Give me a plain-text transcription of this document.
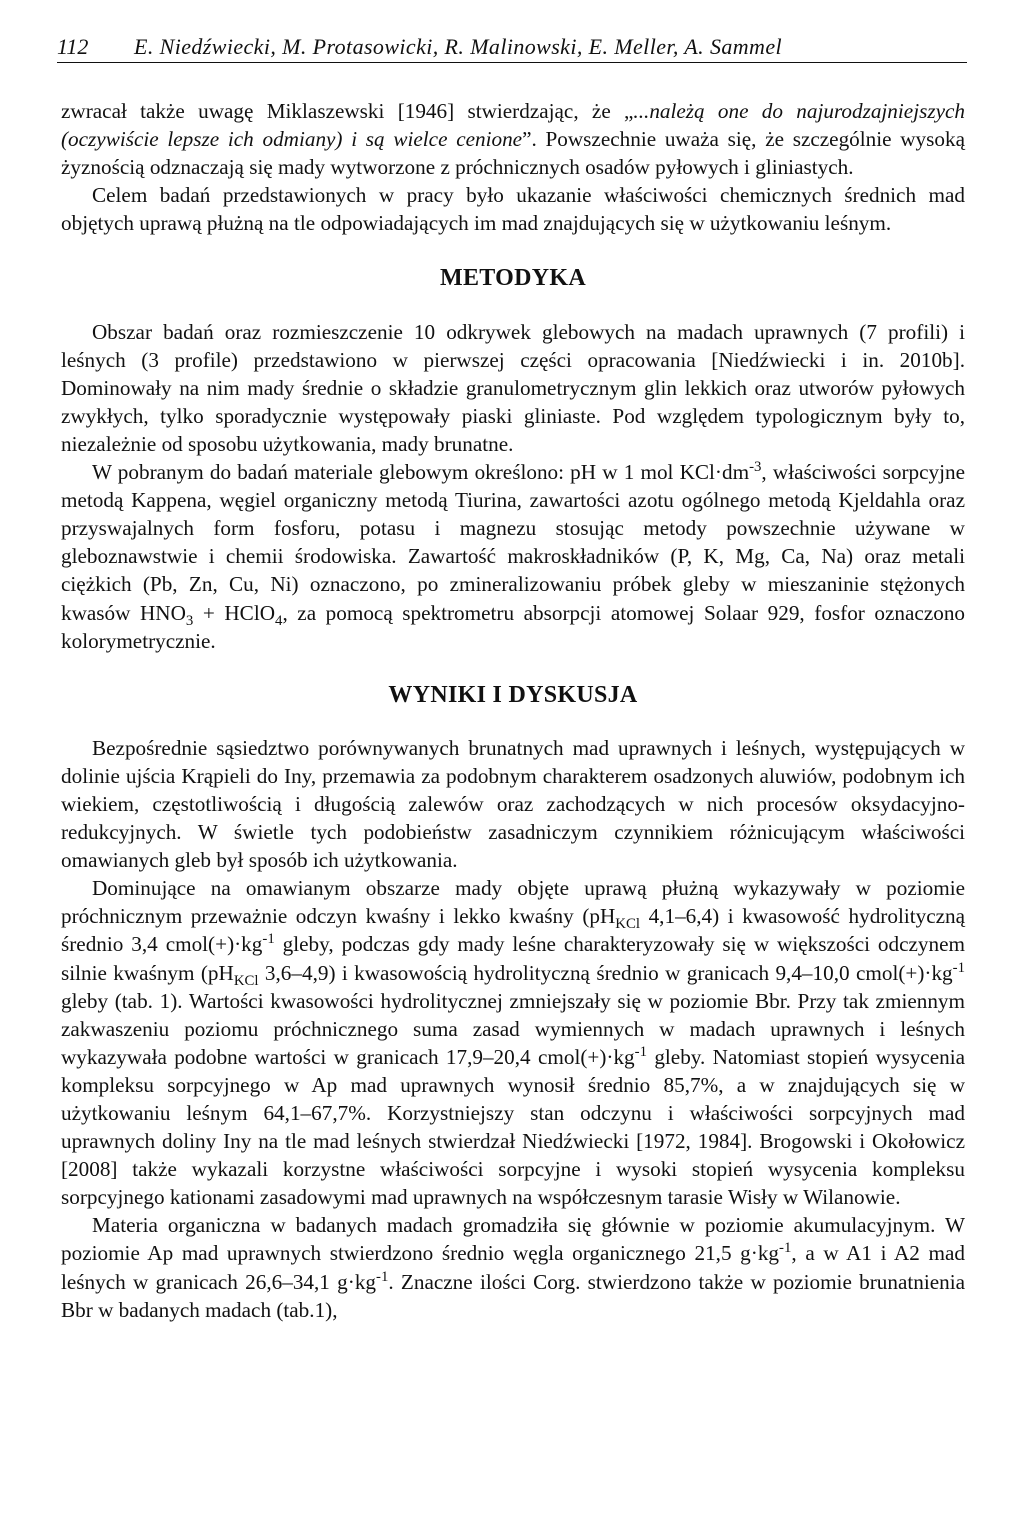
112 E. Niedźwiecki, M. Protasowicki, R. Malinowski, E. Meller, A. Sammel

zwracał także uwagę Miklaszewski [1946] stwierdzając, że „...należą one do najurodzajniejszych (oczywiście lepsze ich odmiany) i są wielce cenione”. Powszechnie uważa się, że szczególnie wysoką żyznością odznaczają się mady wytworzone z próchnicznych osadów pyłowych i gliniastych.

Celem badań przedstawionych w pracy było ukazanie właściwości chemicznych średnich mad objętych uprawą płużną na tle odpowiadających im mad znajdujących się w użytkowaniu leśnym.

METODYKA

Obszar badań oraz rozmieszczenie 10 odkrywek glebowych na madach uprawnych (7 profili) i leśnych (3 profile) przedstawiono w pierwszej części opracowania [Niedźwiecki i in. 2010b]. Dominowały na nim mady średnie o składzie granulometrycznym glin lekkich oraz utworów pyłowych zwykłych, tylko sporadycznie występowały piaski gliniaste. Pod względem typologicznym były to, niezależnie od sposobu użytkowania, mady brunatne.

W pobranym do badań materiale glebowym określono: pH w 1 mol $KCl\cdot dm^{-3}$, właściwości sorpcyjne metodą Kappena, węgiel organiczny metodą Tiurina, zawartości azotu ogólnego metodą Kjeldahla oraz przyswajalnych form fosforu, potasu i magnezu stosując metody powszechnie używane w gleboznawstwie i chemii środowiska. Zawartość makroskładników (P, K, Mg, Ca, Na) oraz metali ciężkich (Pb, Zn, Cu, Ni) oznaczono, po zmineralizowaniu próbek gleby w mieszaninie stężonych kwasów $HNO_3$ + HClO$_4$, za pomocą spektrometru absorpcji atomowej Solaar 929, fosfor oznaczono kolorymetrycznie.

WYNIKI I DYSKUSJA

Bezpośrednie sąsiedztwo porównywanych brunatnych mad uprawnych i leśnych, występujących w dolinie ujścia Krąpieli do Iny, przemawia za podobnym charakterem osadzonych aluwiów, podobnym ich wiekiem, częstotliwością i długością zalewów oraz zachodzących w nich procesów oksydacyjno-redukcyjnych. W świetle tych podobieństw zasadniczym czynnikiem różnicującym właściwości omawianych gleb był sposób ich użytkowania.

Dominujące na omawianym obszarze mady objęte uprawą płużną wykazywały w poziomie próchnicznym przeważnie odczyn kwaśny i lekko kwaśny ($pH_{KCl}$ 4,1–6,4) i kwasowość hydrolityczną średnio 3,4 $cmol(+)\cdot kg^{-1}$ gleby, podczas gdy mady leśne charakteryzowały się w większości odczynem silnie kwaśnym ($pH_{KCl}$ 3,6–4,9) i kwasowością hydrolityczną średnio w granicach 9,4–10,0 $cmol(+)\cdot kg^{-1}$ gleby (tab. 1). Wartości kwasowości hydrolitycznej zmniejszały się w poziomie Bbr. Przy tak zmiennym zakwaszeniu poziomu próchnicznego suma zasad wymiennych w madach uprawnych i leśnych wykazywała podobne wartości w granicach 17,9–20,4 $cmol(+)\cdot kg^{-1}$ gleby. Natomiast stopień wysycenia kompleksu sorpcyjnego w Ap mad uprawnych wynosił średnio 85,7%, a w znajdujących się w użytkowaniu leśnym 64,1–67,7%. Korzystniejszy stan odczynu i właściwości sorpcyjnych mad uprawnych doliny Iny na tle mad leśnych stwierdzał Niedźwiecki [1972, 1984]. Brogowski i Okołowicz [2008] także wykazali korzystne właściwości sorpcyjne i wysoki stopień wysycenia kompleksu sorpcyjnego kationami zasadowymi mad uprawnych na współczesnym tarasie Wisły w Wilanowie.

Materia organiczna w badanych madach gromadziła się głównie w poziomie akumulacyjnym. W poziomie Ap mad uprawnych stwierdzono średnio węgla organicznego 21,5 $g\cdot kg^{-1}$, a w A1 i A2 mad leśnych w granicach 26,6–34,1 $g\cdot kg^{-1}$. Znaczne ilości Corg. stwierdzono także w poziomie brunatnienia Bbr w badanych madach (tab.1),
